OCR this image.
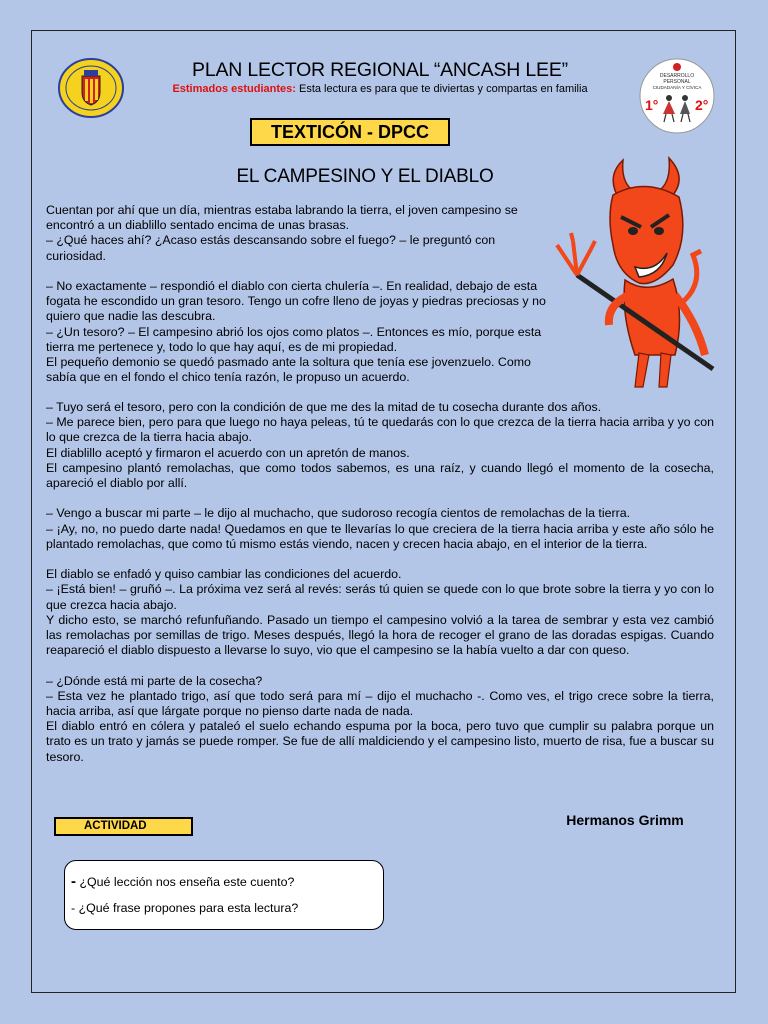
DESARROLLO
PERSONAL
CIUDADANÍA Y CÍVICA
1°	2°
PLAN LECTOR REGIONAL “ANCASH LEE”
Estimados estudiantes: Esta lectura es para que te diviertas y compartas en familia
TEXTICÓN - DPCC
EL CAMPESINO Y EL DIABLO

Cuentan por ahí que un día, mientras estaba labrando la tierra, el joven campesino se encontró a un diablillo sentado encima de unas brasas.

– ¿Qué haces ahí? ¿Acaso estás descansando sobre el fuego? – le preguntó con curiosidad.

– No exactamente – respondió el diablo con cierta chulería –. En realidad, debajo de esta fogata he escondido un gran tesoro. Tengo un cofre lleno de joyas y piedras preciosas y no quiero que nadie las descubra.

– ¿Un tesoro? – El campesino abrió los ojos como platos –. Entonces es mío, porque esta tierra me pertenece y, todo lo que hay aquí, es de mi propiedad.

El pequeño demonio se quedó pasmado ante la soltura que tenía ese jovenzuelo. Como sabía que en el fondo el chico tenía razón, le propuso un acuerdo.

– Tuyo será el tesoro, pero con la condición de que me des la mitad de tu cosecha durante dos años.

– Me parece bien, pero para que luego no haya peleas, tú te quedarás con lo que crezca de la tierra hacia arriba y yo con lo que crezca de la tierra hacia abajo.

El diablillo aceptó y firmaron el acuerdo con un apretón de manos.

El campesino plantó remolachas, que como todos sabemos, es una raíz, y cuando llegó el momento de la cosecha, apareció el diablo por allí.

– Vengo a buscar mi parte – le dijo al muchacho, que sudoroso recogía cientos de remolachas de la tierra.

– ¡Ay, no, no puedo darte nada! Quedamos en que te llevarías lo que creciera de la tierra hacia arriba y este año sólo he plantado remolachas, que como tú mismo estás viendo, nacen y crecen hacia abajo, en el interior de la tierra.

El diablo se enfadó y quiso cambiar las condiciones del acuerdo.

– ¡Está bien! – gruñó –. La próxima vez será al revés: serás tú quien se quede con lo que brote sobre la tierra y yo con lo que crezca hacia abajo.

Y dicho esto, se marchó refunfuñando. Pasado un tiempo el campesino volvió a la tarea de sembrar y esta vez cambió las remolachas por semillas de trigo. Meses después, llegó la hora de recoger el grano de las doradas espigas. Cuando reapareció el diablo dispuesto a llevarse lo suyo, vio que el campesino se la había vuelto a dar con queso.

– ¿Dónde está mi parte de la cosecha?

– Esta vez he plantado trigo, así que todo será para mí – dijo el muchacho -. Como ves, el trigo crece sobre la tierra, hacia arriba, así que lárgate porque no pienso darte nada de nada.

El diablo entró en cólera y pataleó el suelo echando espuma por la boca, pero tuvo que cumplir su palabra porque un trato es un trato y jamás se puede romper. Se fue de allí maldiciendo y el campesino listo, muerto de risa, fue a buscar su tesoro.

Hermanos Grimm
ACTIVIDAD
- ¿Qué lección nos enseña este cuento?
- ¿Qué frase propones para esta lectura?
